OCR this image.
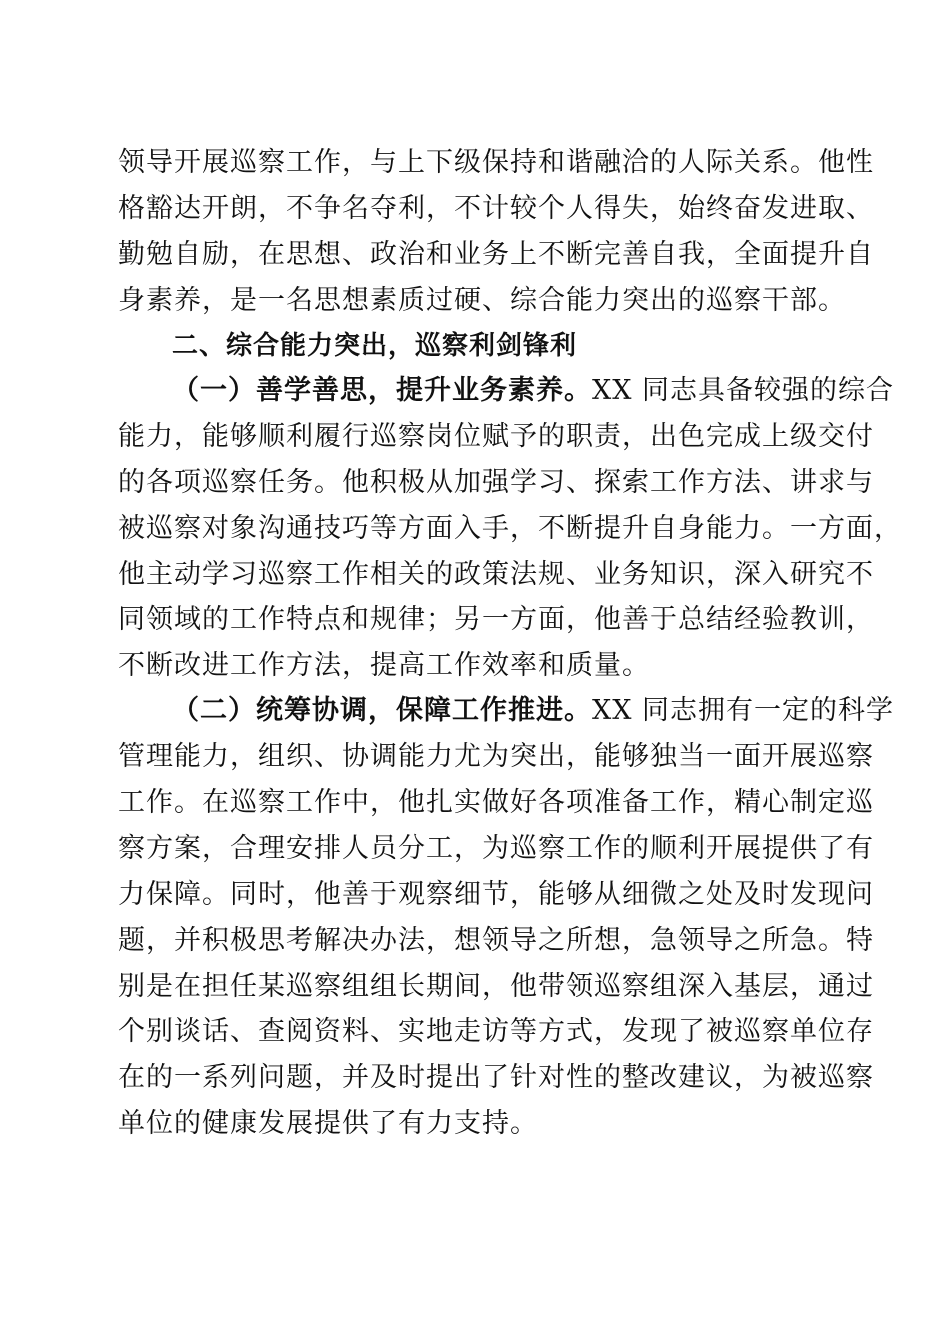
领导开展巡察工作，与上下级保持和谐融洽的人际关系。他性
格豁达开朗，不争名夺利，不计较个人得失，始终奋发进取、
勤勉自励，在思想、政治和业务上不断完善自我，全面提升自
身素养，是一名思想素质过硬、综合能力突出的巡察干部。
二、综合能力突出，巡察利剑锋利
（一）善学善思，提升业务素养。XX 同志具备较强的综合
能力，能够顺利履行巡察岗位赋予的职责，出色完成上级交付
的各项巡察任务。他积极从加强学习、探索工作方法、讲求与
被巡察对象沟通技巧等方面入手，不断提升自身能力。一方面，
他主动学习巡察工作相关的政策法规、业务知识，深入研究不
同领域的工作特点和规律；另一方面，他善于总结经验教训，
不断改进工作方法，提高工作效率和质量。
（二）统筹协调，保障工作推进。XX 同志拥有一定的科学
管理能力，组织、协调能力尤为突出，能够独当一面开展巡察
工作。在巡察工作中，他扎实做好各项准备工作，精心制定巡
察方案，合理安排人员分工，为巡察工作的顺利开展提供了有
力保障。同时，他善于观察细节，能够从细微之处及时发现问
题，并积极思考解决办法，想领导之所想，急领导之所急。特
别是在担任某巡察组组长期间，他带领巡察组深入基层，通过
个别谈话、查阅资料、实地走访等方式，发现了被巡察单位存
在的一系列问题，并及时提出了针对性的整改建议，为被巡察
单位的健康发展提供了有力支持。
